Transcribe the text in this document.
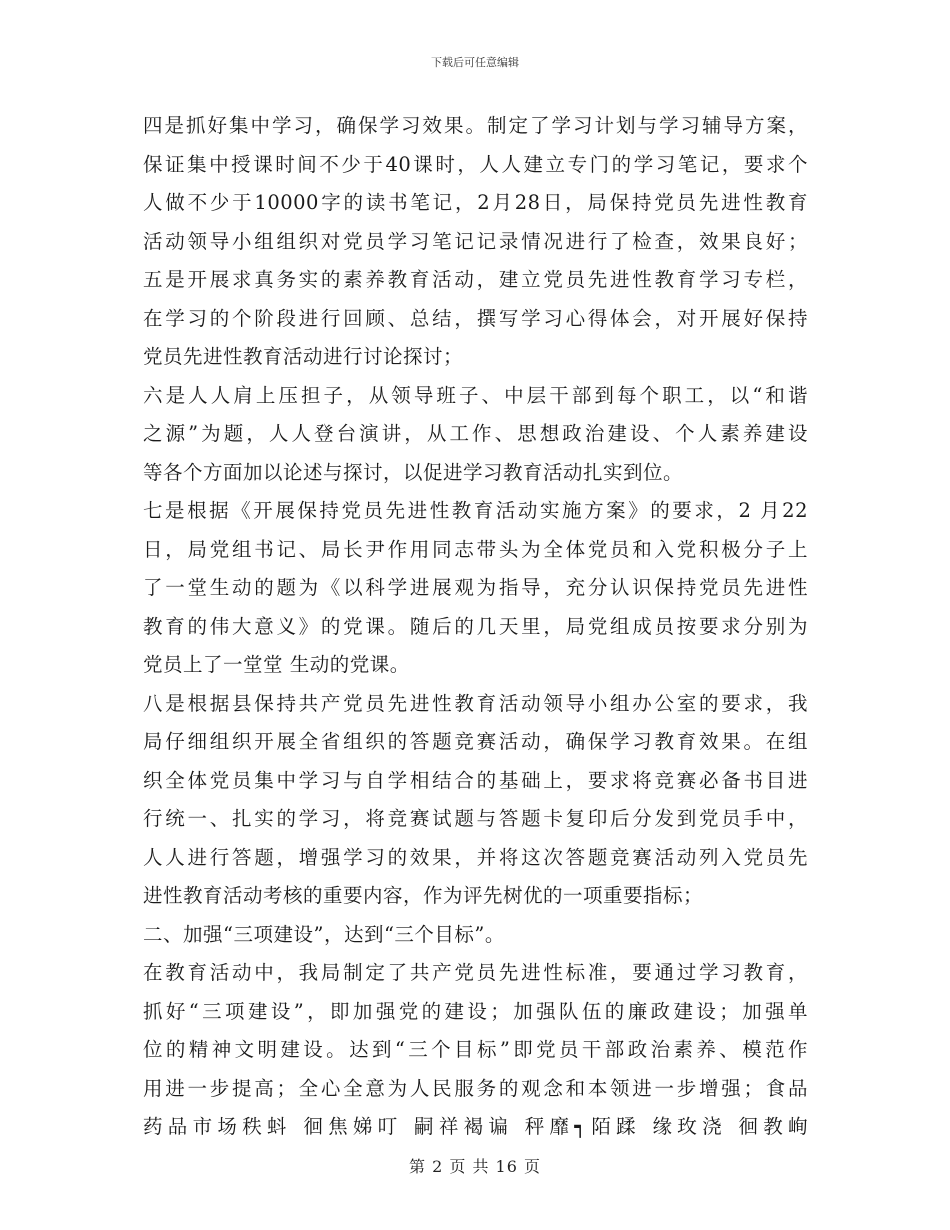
下载后可任意编辑
四是抓好集中学习，确保学习效果。制定了学习计划与学习辅导方案，
保证集中授课时间不少于40课时，人人建立专门的学习笔记，要求个
人做不少于10000字的读书笔记，2月28日，局保持党员先进性教育
活动领导小组组织对党员学习笔记记录情况进行了检查，效果良好；
五是开展求真务实的素养教育活动，建立党员先进性教育学习专栏，
在学习的个阶段进行回顾、总结，撰写学习心得体会，对开展好保持
党员先进性教育活动进行讨论探讨；
六是人人肩上压担子，从领导班子、中层干部到每个职工，以“和谐
之源”为题，人人登台演讲，从工作、思想政治建设、个人素养建设
等各个方面加以论述与探讨，以促进学习教育活动扎实到位。
七是根据《开展保持党员先进性教育活动实施方案》的要求，2 月22
日，局党组书记、局长尹作用同志带头为全体党员和入党积极分子上
了一堂生动的题为《以科学进展观为指导，充分认识保持党员先进性
教育的伟大意义》的党课。随后的几天里，局党组成员按要求分别为
党员上了一堂堂 生动的党课。
八是根据县保持共产党员先进性教育活动领导小组办公室的要求，我
局仔细组织开展全省组织的答题竞赛活动，确保学习教育效果。在组
织全体党员集中学习与自学相结合的基础上，要求将竞赛必备书目进
行统一、扎实的学习，将竞赛试题与答题卡复印后分发到党员手中，
人人进行答题，增强学习的效果，并将这次答题竞赛活动列入党员先
进性教育活动考核的重要内容，作为评先树优的一项重要指标；
二、加强“三项建设”，达到“三个目标”。
在教育活动中，我局制定了共产党员先进性标准，要通过学习教育，
抓好“三项建设”，即加强党的建设；加强队伍的廉政建设；加强单
位的精神文明建设。达到“三个目标”即党员干部政治素养、模范作
用进一步提高；全心全意为人民服务的观念和本领进一步增强；食品
药品市场秩蚪 徊焦娣叮 嗣祥褐谝 秤靡┑陌蹂 缘玫浇 徊教峋
第 2 页 共 16 页
